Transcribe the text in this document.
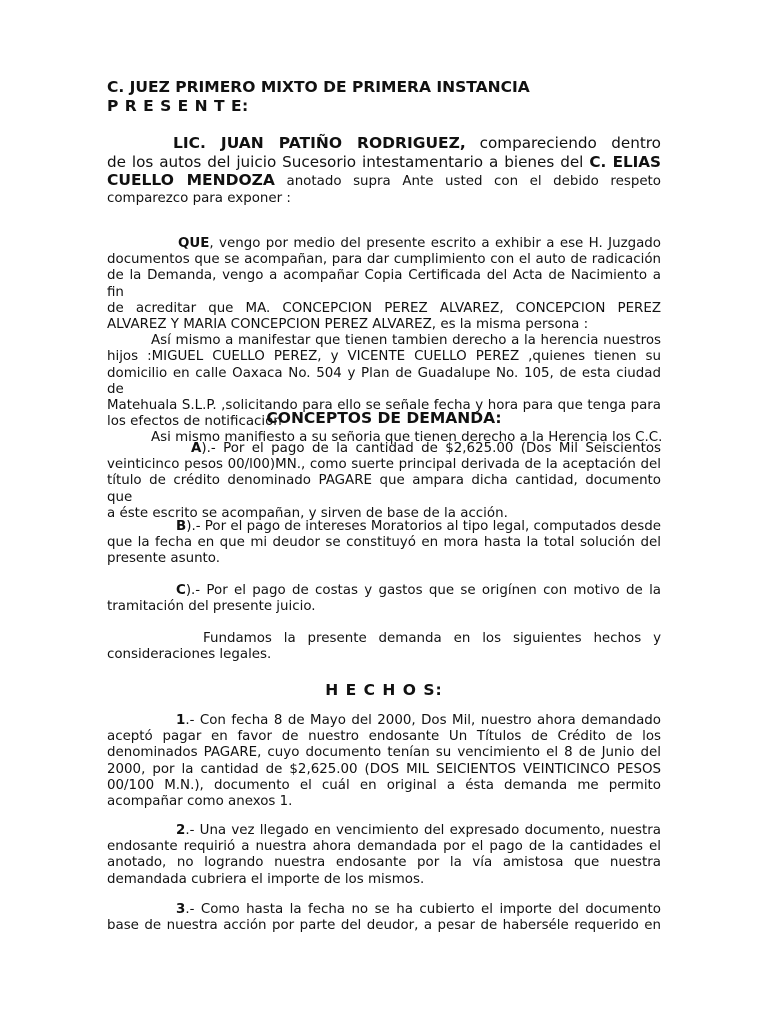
C. JUEZ PRIMERO MIXTO DE PRIMERA INSTANCIA
P R E S E N T E:
LIC. JUAN PATIÑO RODRIGUEZ, compareciendo dentro
de los autos del juicio Sucesorio intestamentario a bienes del C. ELIAS
CUELLO MENDOZA anotado supra Ante usted con el debido respeto
comparezco para exponer :
QUE, vengo por medio del presente escrito a exhibir a ese H. Juzgado
documentos que se acompañan, para dar cumplimiento con el auto de radicación
de la Demanda, vengo a acompañar Copia Certificada del Acta de Nacimiento a fin
de acreditar que MA. CONCEPCION PEREZ ALVAREZ, CONCEPCION PEREZ
ALVAREZ Y MARIA CONCEPCION PEREZ ALVAREZ, es la misma persona :
Así mismo a manifestar que tienen tambien derecho a la herencia nuestros
hijos :MIGUEL CUELLO PEREZ, y VICENTE CUELLO PEREZ ,quienes tienen su
domicilio en calle Oaxaca No. 504 y Plan de Guadalupe No. 105, de esta ciudad de
Matehuala S.L.P. ,solicitando para ello se señale fecha y hora para que tenga para
los efectos de notificación
Asi mismo manifiesto a su señoria que tienen derecho a la Herencia los C.C.
CONCEPTOS DE DEMANDA:
A).- Por el pago de la cantidad de $2,625.00 (Dos Mil Seiscientos
veinticinco pesos 00/l00)MN., como suerte principal derivada de la aceptación del
título de crédito denominado PAGARE que ampara dicha cantidad, documento que
a éste escrito se acompañan, y sirven de base de la acción.
B).- Por el pago de intereses Moratorios al tipo legal, computados desde
que la fecha en que mi deudor se constituyó en mora hasta la total solución del
presente asunto.
C).- Por el pago de costas y gastos que se origínen con motivo de la
tramitación del presente juicio.
Fundamos la presente demanda en los siguientes hechos y
consideraciones legales.
H E C H O S:
1.- Con fecha 8 de Mayo del 2000, Dos Mil, nuestro ahora demandado
aceptó pagar en favor de nuestro endosante Un Títulos de Crédito de los
denominados PAGARE, cuyo documento tenían su vencimiento el 8 de Junio del
2000, por la cantidad de $2,625.00 (DOS MIL SEICIENTOS VEINTICINCO PESOS
00/100 M.N.), documento el cuál en original a ésta demanda me permito
acompañar como anexos 1.
2.- Una vez llegado en vencimiento del expresado documento, nuestra
endosante requirió a nuestra ahora demandada por el pago de la cantidades el
anotado, no logrando nuestra endosante por la vía amistosa que nuestra
demandada cubriera el importe de los mismos.
3.- Como hasta la fecha no se ha cubierto el importe del documento
base de nuestra acción por parte del deudor, a pesar de haberséle requerido en
